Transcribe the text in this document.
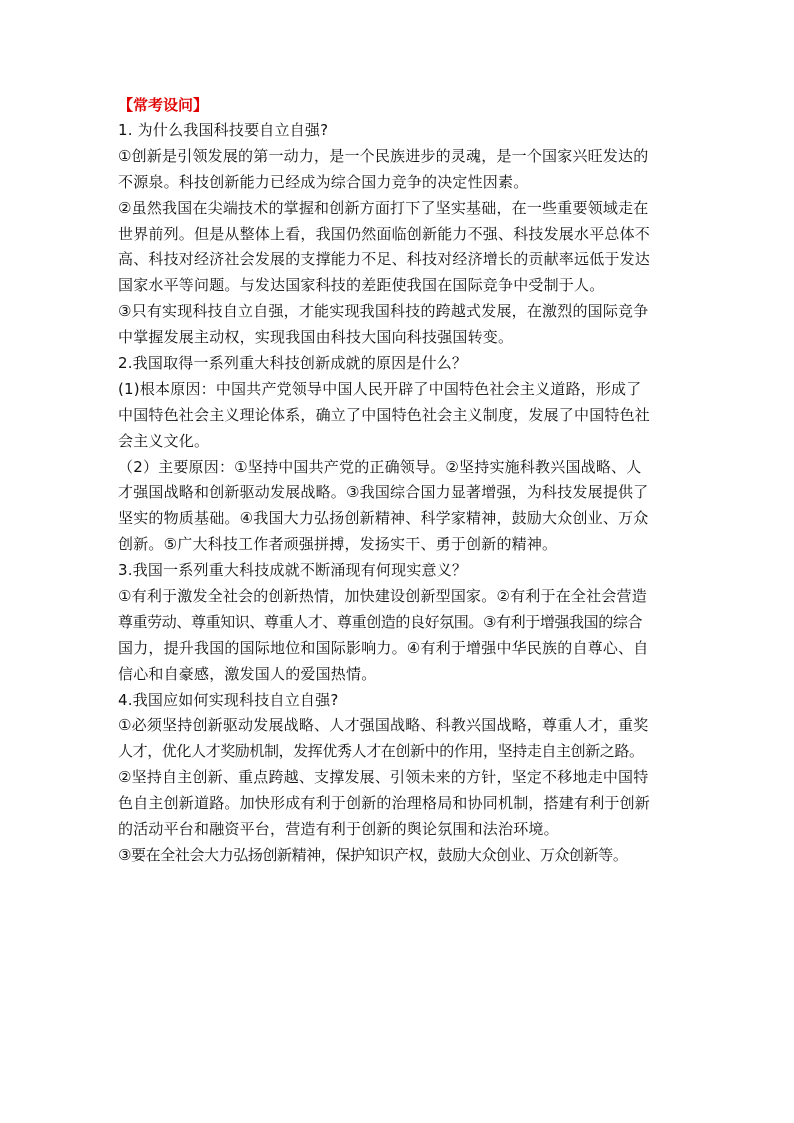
【常考设问】

1. 为什么我国科技要自立自强?

①创新是引领发展的第一动力，是一个民族进步的灵魂，是一个国家兴旺发达的

不源泉。科技创新能力已经成为综合国力竞争的决定性因素。

②虽然我国在尖端技术的掌握和创新方面打下了坚实基础，在一些重要领域走在

世界前列。但是从整体上看，我国仍然面临创新能力不强、科技发展水平总体不

高、科技对经济社会发展的支撑能力不足、科技对经济增长的贡献率远低于发达

国家水平等问题。与发达国家科技的差距使我国在国际竞争中受制于人。

③只有实现科技自立自强，才能实现我国科技的跨越式发展，在激烈的国际竞争

中掌握发展主动权，实现我国由科技大国向科技强国转变。

2.我国取得一系列重大科技创新成就的原因是什么？

(1)根本原因：中国共产党领导中国人民开辟了中国特色社会主义道路，形成了

中国特色社会主义理论体系，确立了中国特色社会主义制度，发展了中国特色社

会主义文化。

（2）主要原因：①坚持中国共产党的正确领导。②坚持实施科教兴国战略、人

才强国战略和创新驱动发展战略。③我国综合国力显著增强，为科技发展提供了

坚实的物质基础。④我国大力弘扬创新精神、科学家精神，鼓励大众创业、万众

创新。⑤广大科技工作者顽强拼搏，发扬实干、勇于创新的精神。

3.我国一系列重大科技成就不断涌现有何现实意义？

①有利于激发全社会的创新热情，加快建设创新型国家。②有利于在全社会营造

尊重劳动、尊重知识、尊重人才、尊重创造的良好氛围。③有利于增强我国的综合

国力，提升我国的国际地位和国际影响力。④有利于增强中华民族的自尊心、自

信心和自豪感，激发国人的爱国热情。

4.我国应如何实现科技自立自强?

①必须坚持创新驱动发展战略、人才强国战略、科教兴国战略，尊重人才，重奖

人才，优化人才奖励机制，发挥优秀人才在创新中的作用，坚持走自主创新之路。

②坚持自主创新、重点跨越、支撑发展、引领未来的方针，坚定不移地走中国特

色自主创新道路。加快形成有利于创新的治理格局和协同机制，搭建有利于创新

的活动平台和融资平台，营造有利于创新的舆论氛围和法治环境。

③要在全社会大力弘扬创新精神，保护知识产权，鼓励大众创业、万众创新等。
